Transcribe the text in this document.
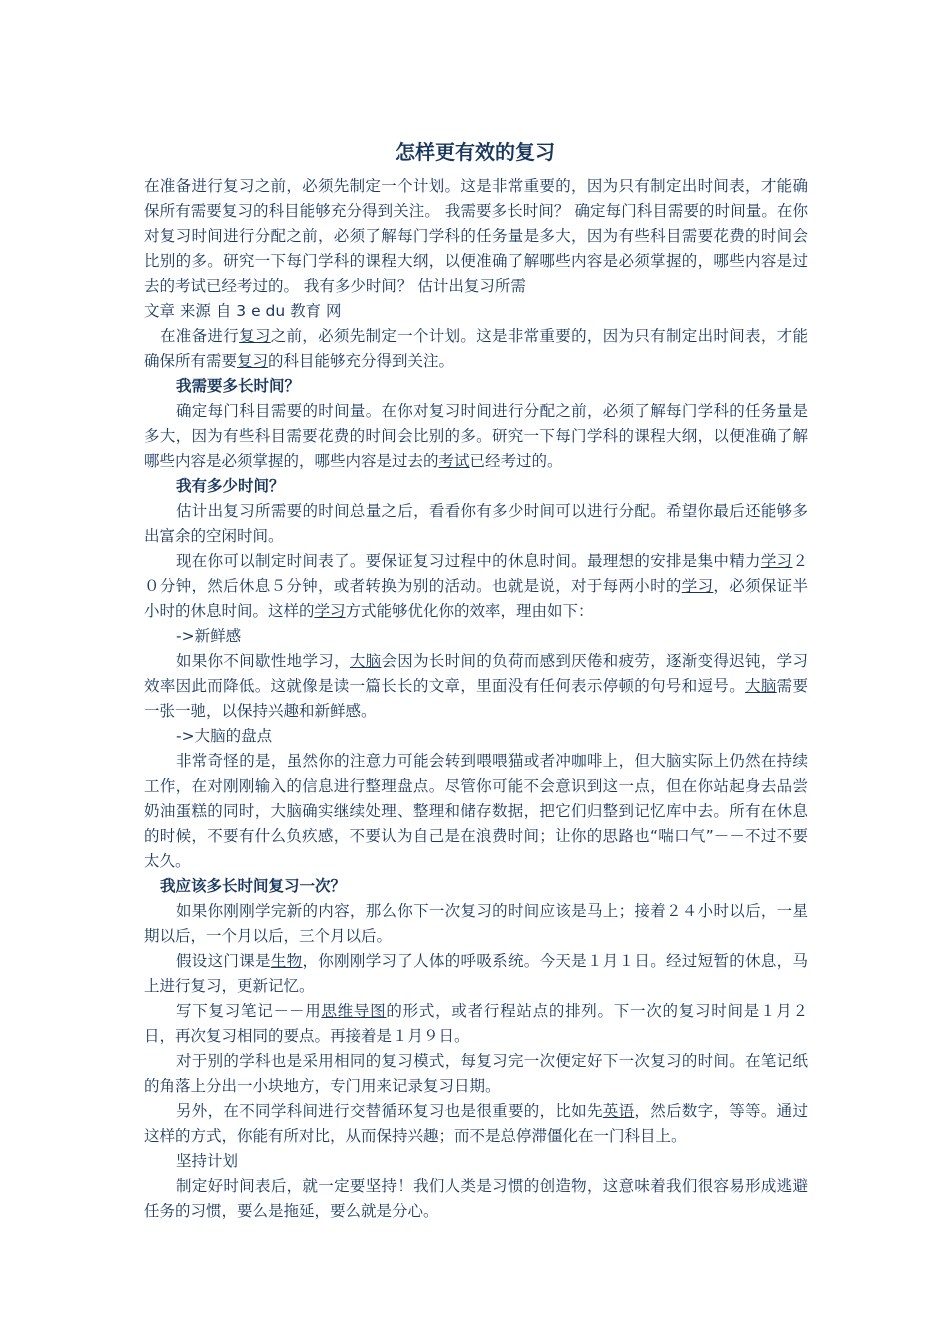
怎样更有效的复习

在准备进行复习之前，必须先制定一个计划。这是非常重要的，因为只有制定出时间表，才能确保所有需要复习的科目能够充分得到关注。 我需要多长时间？ 确定每门科目需要的时间量。在你对复习时间进行分配之前，必须了解每门学科的任务量是多大，因为有些科目需要花费的时间会比别的多。研究一下每门学科的课程大纲，以便准确了解哪些内容是必须掌握的，哪些内容是过去的考试已经考过的。 我有多少时间？ 估计出复习所需

文章 来源 自 3 e du 教育 网

在准备进行复习之前，必须先制定一个计划。这是非常重要的，因为只有制定出时间表，才能确保所有需要复习的科目能够充分得到关注。

我需要多长时间？

确定每门科目需要的时间量。在你对复习时间进行分配之前，必须了解每门学科的任务量是多大，因为有些科目需要花费的时间会比别的多。研究一下每门学科的课程大纲，以便准确了解哪些内容是必须掌握的，哪些内容是过去的考试已经考过的。

我有多少时间？

估计出复习所需要的时间总量之后，看看你有多少时间可以进行分配。希望你最后还能够多出富余的空闲时间。

现在你可以制定时间表了。要保证复习过程中的休息时间。最理想的安排是集中精力学习２０分钟，然后休息５分钟，或者转换为别的活动。也就是说，对于每两小时的学习，必须保证半小时的休息时间。这样的学习方式能够优化你的效率，理由如下：

->新鲜感

如果你不间歇性地学习，大脑会因为长时间的负荷而感到厌倦和疲劳，逐渐变得迟钝，学习效率因此而降低。这就像是读一篇长长的文章，里面没有任何表示停顿的句号和逗号。大脑需要一张一驰，以保持兴趣和新鲜感。

->大脑的盘点

非常奇怪的是，虽然你的注意力可能会转到喂喂猫或者冲咖啡上，但大脑实际上仍然在持续工作，在对刚刚输入的信息进行整理盘点。尽管你可能不会意识到这一点，但在你站起身去品尝奶油蛋糕的同时，大脑确实继续处理、整理和储存数据，把它们归整到记忆库中去。所有在休息的时候，不要有什么负疚感，不要认为自己是在浪费时间；让你的思路也“喘口气”－－不过不要太久。

我应该多长时间复习一次？

如果你刚刚学完新的内容，那么你下一次复习的时间应该是马上；接着２４小时以后，一星期以后，一个月以后，三个月以后。

假设这门课是生物，你刚刚学习了人体的呼吸系统。今天是１月１日。经过短暂的休息，马上进行复习，更新记忆。

写下复习笔记－－用思维导图的形式，或者行程站点的排列。下一次的复习时间是１月２日，再次复习相同的要点。再接着是１月９日。

对于别的学科也是采用相同的复习模式，每复习完一次便定好下一次复习的时间。在笔记纸的角落上分出一小块地方，专门用来记录复习日期。

另外，在不同学科间进行交替循环复习也是很重要的，比如先英语，然后数字，等等。通过这样的方式，你能有所对比，从而保持兴趣；而不是总停滞僵化在一门科目上。

坚持计划

制定好时间表后，就一定要坚持！我们人类是习惯的创造物，这意味着我们很容易形成逃避任务的习惯，要么是拖延，要么就是分心。
